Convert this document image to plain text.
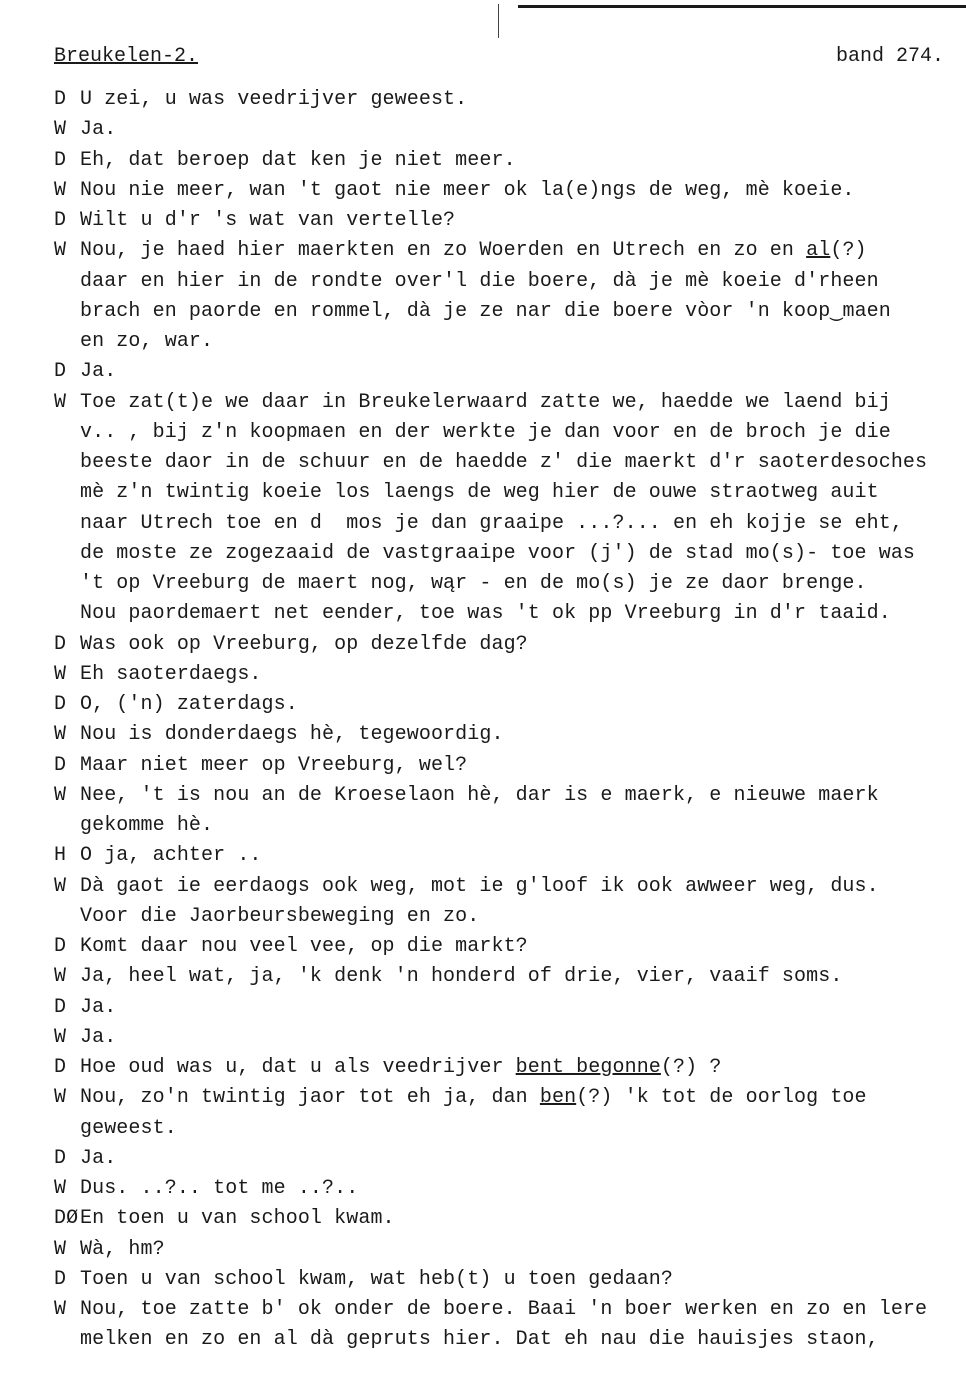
Breukelen-2.	band 274.
D U zei, u was veedrijver geweest.
W Ja.
D Eh, dat beroep dat ken je niet meer.
W Nou nie meer, wan 't gaot nie meer ok la(e)ngs de weg, mè koeie.
D Wilt u d'r 's wat van vertelle?
W Nou, je haed hier maerkten en zo Woerden en Utrech en zo en al(?)
daar en hier in de rondte over'l die boere, dà je mè koeie d'rheen
brach en paorde en rommel, dà je ze nar die boere vòor 'n koop‿maen
en zo, war.
D Ja.
W Toe zat(t)e we daar in Breukelerwaard zatte we, haedde we laend bij
v.. , bij z'n koopmaen en der werkte je dan voor en de broch je die
beeste daor in de schuur en de haedde z' die maerkt d'r saoterdesoches
mè z'n twintig koeie los laengs de weg hier de ouwe straotweg auit
naar Utrech toe en d  mos je dan graaipe ...?... en eh kojje se eht,
de moste ze zogezaaid de vastgraaipe voor (j') de stad mo(s)- toe was
't op Vreeburg de maert nog, wąr - en de mo(s) je ze daor brenge.
Nou paordemaert net eender, toe was 't ok pp Vreeburg in d'r taaid.
D Was ook op Vreeburg, op dezelfde dag?
W Eh saoterdaegs.
D O, ('n) zaterdags.
W Nou is donderdaegs hè, tegewoordig.
D Maar niet meer op Vreeburg, wel?
W Nee, 't is nou an de Kroeselaon hè, dar is e maerk, e nieuwe maerk
gekomme hè.
H O ja, achter ..
W Dà gaot ie eerdaogs ook weg, mot ie g'loof ik ook awweer weg, dus.
Voor die Jaorbeursbeweging en zo.
D Komt daar nou veel vee, op die markt?
W Ja, heel wat, ja, 'k denk 'n honderd of drie, vier, vaaif soms.
D Ja.
W Ja.
D Hoe oud was u, dat u als veedrijver bent begonne(?) ?
W Nou, zo'n twintig jaor tot eh ja, dan ben(?) 'k tot de oorlog toe
geweest.
D Ja.
W Dus. ..?.. tot me ..?..
DØ En toen u van school kwam.
W Wà, hm?
D Toen u van school kwam, wat heb(t) u toen gedaan?
W Nou, toe zatte b' ok onder de boere. Baai 'n boer werken en zo en lere
melken en zo en al dà gepruts hier. Dat eh nau die hauisjes staon,
